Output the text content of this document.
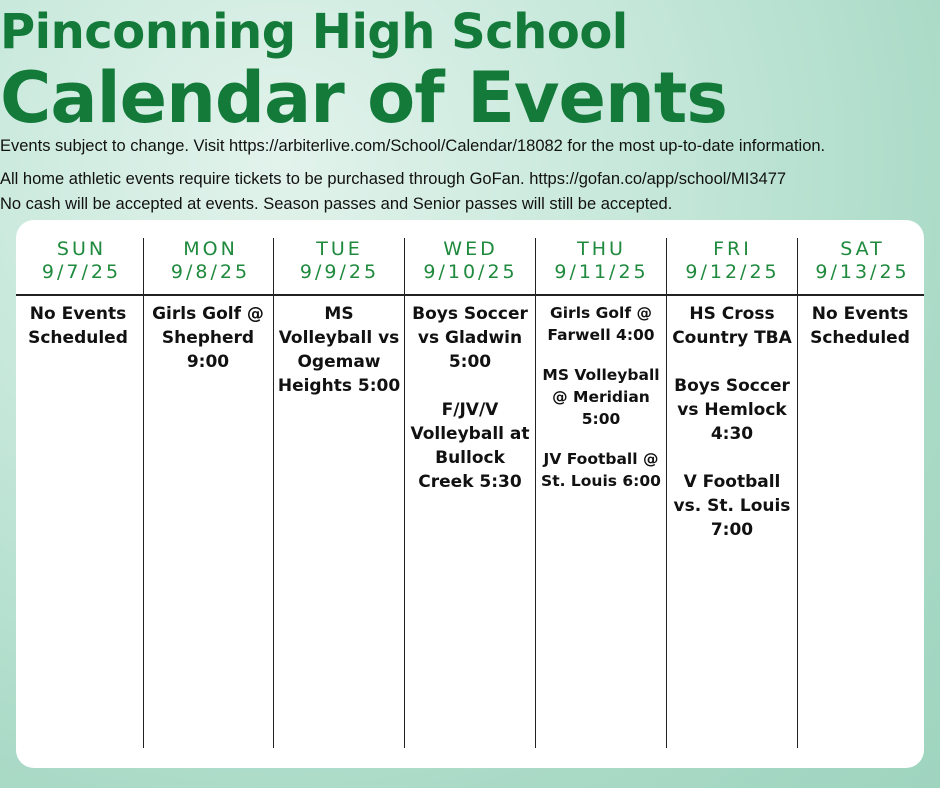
Pinconning High School
Calendar of Events
Events subject to change. Visit https://arbiterlive.com/School/Calendar/18082 for the most up-to-date information.
All home athletic events require tickets to be purchased through GoFan. https://gofan.co/app/school/MI3477
No cash will be accepted at events. Season passes and Senior passes will still be accepted.
SUN
9/7/25
MON
9/8/25
TUE
9/9/25
WED
9/10/25
THU
9/11/25
FRI
9/12/25
SAT
9/13/25
No Events Scheduled
Girls Golf @ Shepherd 9:00
MS Volleyball vs Ogemaw Heights 5:00
Boys Soccer vs Gladwin 5:00
F/JV/V Volleyball at Bullock Creek 5:30
Girls Golf @ Farwell 4:00
MS Volleyball @ Meridian 5:00
JV Football @ St. Louis 6:00
HS Cross Country TBA
Boys Soccer vs Hemlock 4:30
V Football vs. St. Louis 7:00
No Events Scheduled
